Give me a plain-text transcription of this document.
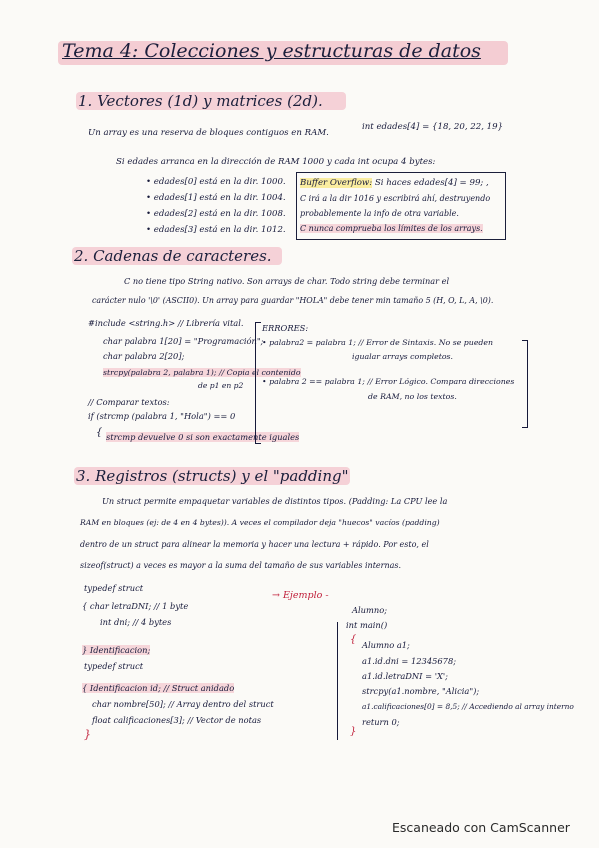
Tema 4: Colecciones y estructuras de datos
1. Vectores (1d) y matrices (2d).
Un array es una reserva de bloques contiguos en RAM.
int edades[4] = {18, 20, 22, 19}
Si edades arranca en la dirección de RAM 1000 y cada int ocupa 4 bytes:
• edades[0] está en la dir. 1000.
• edades[1] está en la dir. 1004.
• edades[2] está en la dir. 1008.
• edades[3] está en la dir. 1012.
Buffer Overflow: Si haces edades[4] = 99; ,
C irá a la dir 1016 y escribirá ahí, destruyendo
probablemente la info de otra variable.
C nunca comprueba los límites de los arrays.
2. Cadenas de caracteres.
C no tiene tipo String nativo. Son arrays de char. Todo string debe terminar el
carácter nulo '\0' (ASCII0). Un array para guardar "HOLA" debe tener min tamaño 5 (H, O, L, A, \0).
#include <string.h> // Librería vital.
char palabra 1[20] = "Programación";
char palabra 2[20];
strcpy(palabra 2, palabra 1); // Copia el contenido
de p1 en p2
// Comparar textos:
if (strcmp (palabra 1, "Hola") == 0
{ strcmp devuelve 0 si son exactamente iguales
ERRORES:
• palabra2 = palabra 1; // Error de Sintaxis. No se pueden
igualar arrays completos.
• palabra 2 == palabra 1; // Error Lógico. Compara direcciones
de RAM, no los textos.
3. Registros (structs) y el "padding"
Un struct permite empaquetar variables de distintos tipos. (Padding: La CPU lee la
RAM en bloques (ej: de 4 en 4 bytes)). A veces el compilador deja "huecos" vacíos (padding)
dentro de un struct para alinear la memoria y hacer una lectura + rápido. Por esto, el
sizeof(struct) a veces es mayor a la suma del tamaño de sus variables internas.
→ Ejemplo -
typedef struct
{ char letraDNI; // 1 byte
int dni; // 4 bytes
} Identificacion;
typedef struct
{ Identificacion id; // Struct anidado
char nombre[50]; // Array dentro del struct
float calificaciones[3]; // Vector de notas
}
Alumno;
int main()
{ Alumno a1;
a1.id.dni = 12345678;
a1.id.letraDNI = 'X';
strcpy(a1.nombre, "Alicia");
a1.calificaciones[0] = 8,5; // Accediendo al array interno
return 0;
}
Escaneado con CamScanner
